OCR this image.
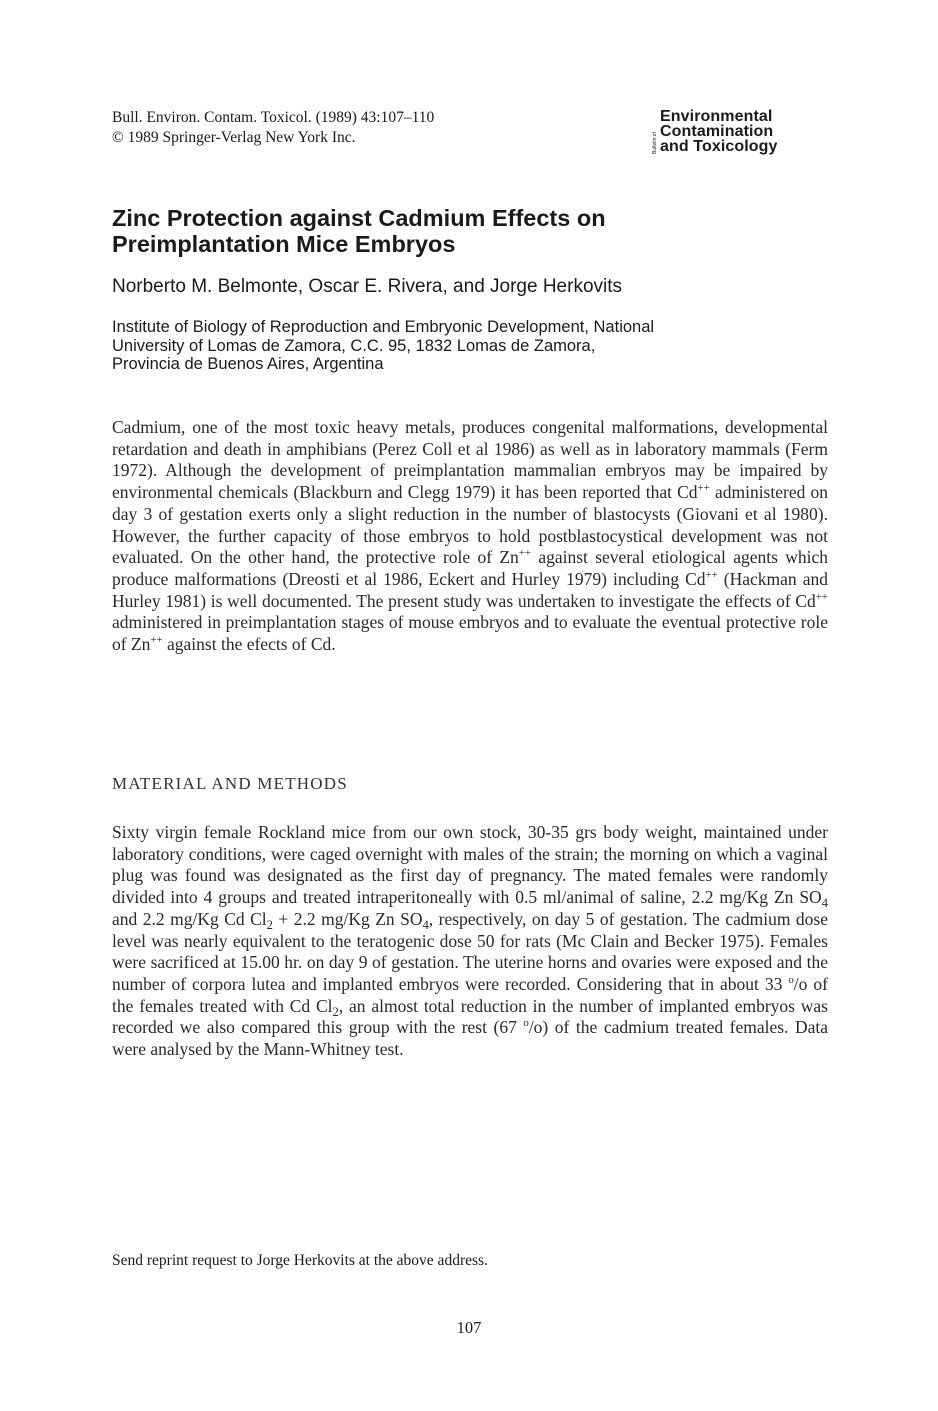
Bull. Environ. Contam. Toxicol. (1989) 43:107–110
© 1989 Springer-Verlag New York Inc.	Bulletin of
Environmental
Contamination
and Toxicology
Zinc Protection against Cadmium Effects on
Preimplantation Mice Embryos
Norberto M. Belmonte, Oscar E. Rivera, and Jorge Herkovits
Institute of Biology of Reproduction and Embryonic Development, National
University of Lomas de Zamora, C.C. 95, 1832 Lomas de Zamora,
Provincia de Buenos Aires, Argentina

Cadmium, one of the most toxic heavy metals, produces congenital malformations, developmental retardation and death in amphibians (Perez Coll et al 1986) as well as in laboratory mammals (Ferm 1972). Although the development of preimplantation mammalian embryos may be impaired by environmental chemicals (Blackburn and Clegg 1979) it has been reported that Cd++ administered on day 3 of gestation exerts only a slight reduction in the number of blastocysts (Giovani et al 1980). However, the further capacity of those embryos to hold postblastocystical development was not evaluated. On the other hand, the protective role of Zn++ against several etiological agents which produce malformations (Dreosti et al 1986, Eckert and Hurley 1979) including Cd++ (Hackman and Hurley 1981) is well documented. The present study was undertaken to investigate the effects of Cd++ administered in preimplantation stages of mouse embryos and to evaluate the eventual protective role of Zn++ against the efects of Cd.

MATERIAL AND METHODS

Sixty virgin female Rockland mice from our own stock, 30-35 grs body weight, maintained under laboratory conditions, were caged overnight with males of the strain; the morning on which a vaginal plug was found was designated as the first day of pregnancy. The mated females were randomly divided into 4 groups and treated intraperitoneally with 0.5 ml/animal of saline, 2.2 mg/Kg Zn $SO_4$ and 2.2 mg/Kg Cd $Cl_2 + 2.2$ mg/Kg Zn $SO_4$, respectively, on day 5 of gestation. The cadmium dose level was nearly equivalent to the teratogenic dose 50 for rats (Mc Clain and Becker 1975). Females were sacrificed at 15.00 hr. on day 9 of gestation. The uterine horns and ovaries were exposed and the number of corpora lutea and implanted embryos were recorded. Considering that in about 33 $^o$/o of the females treated with Cd $Cl_2$, an almost total reduction in the number of implanted embryos was recorded we also compared this group with the rest (67 $^o$/o) of the cadmium treated females. Data were analysed by the Mann-Whitney test.

Send reprint request to Jorge Herkovits at the above address.
107
